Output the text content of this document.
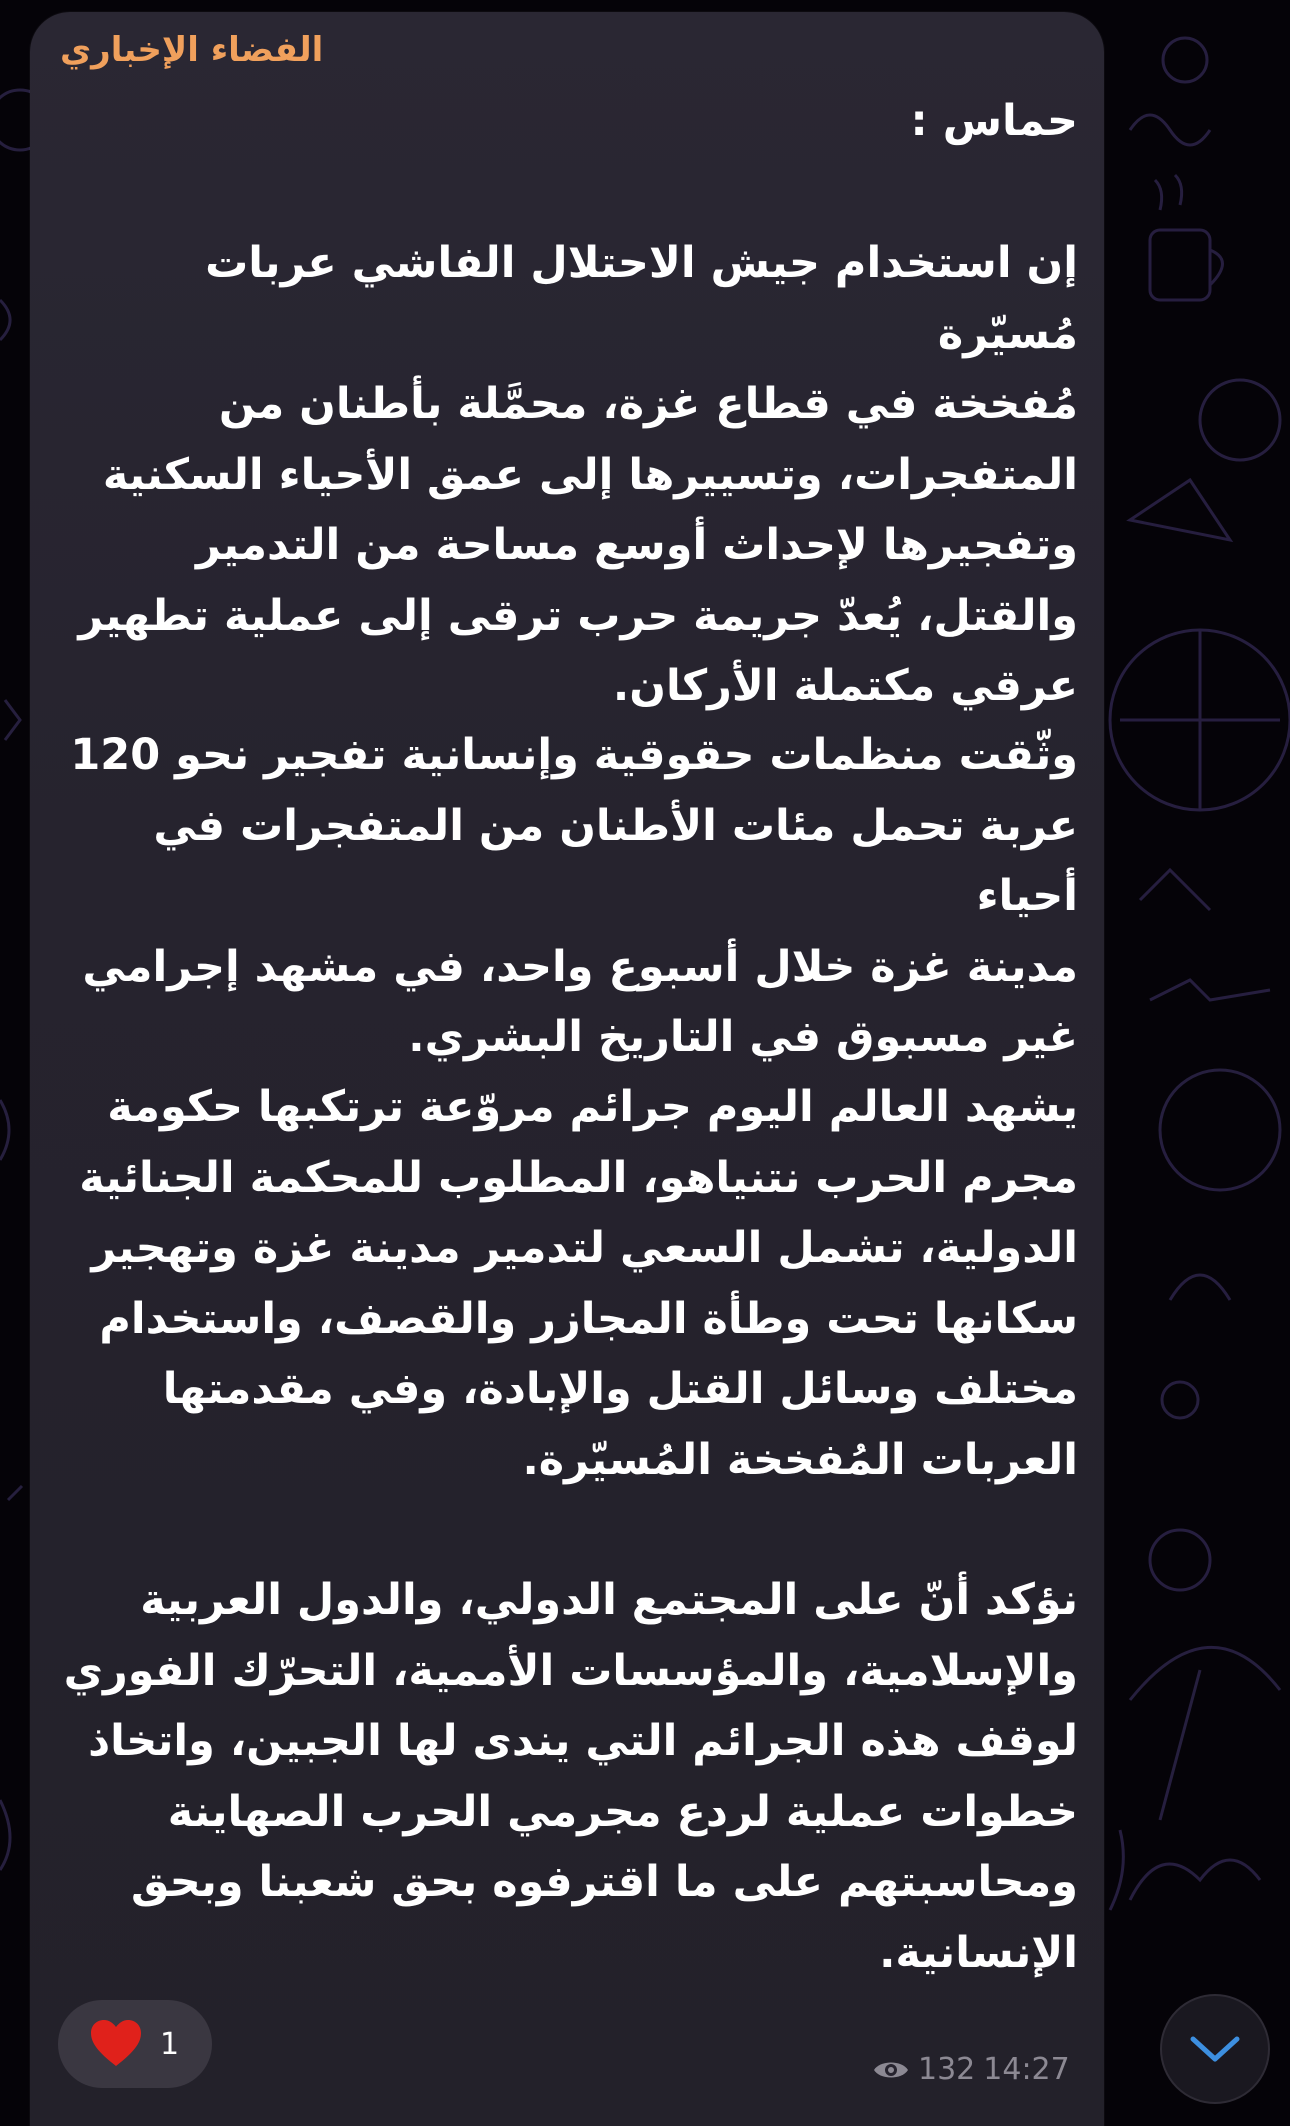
الفضاء الإخباري
حماس :
إن استخدام جيش الاحتلال الفاشي عربات مُسيّرة
مُفخخة في قطاع غزة، محمَّلة بأطنان من
المتفجرات، وتسييرها إلى عمق الأحياء السكنية
وتفجيرها لإحداث أوسع مساحة من التدمير
والقتل، يُعدّ جريمة حرب ترقى إلى عملية تطهير
عرقي مكتملة الأركان.
وثّقت منظمات حقوقية وإنسانية تفجير نحو 120
عربة تحمل مئات الأطنان من المتفجرات في أحياء
مدينة غزة خلال أسبوع واحد، في مشهد إجرامي
غير مسبوق في التاريخ البشري.
يشهد العالم اليوم جرائم مروّعة ترتكبها حكومة
مجرم الحرب نتنياهو، المطلوب للمحكمة الجنائية
الدولية، تشمل السعي لتدمير مدينة غزة وتهجير
سكانها تحت وطأة المجازر والقصف، واستخدام
مختلف وسائل القتل والإبادة، وفي مقدمتها
العربات المُفخخة المُسيّرة.
نؤكد أنّ على المجتمع الدولي، والدول العربية
والإسلامية، والمؤسسات الأممية، التحرّك الفوري
لوقف هذه الجرائم التي يندى لها الجبين، واتخاذ
خطوات عملية لردع مجرمي الحرب الصهاينة
ومحاسبتهم على ما اقترفوه بحق شعبنا وبحق
الإنسانية.
1
132 14:27
